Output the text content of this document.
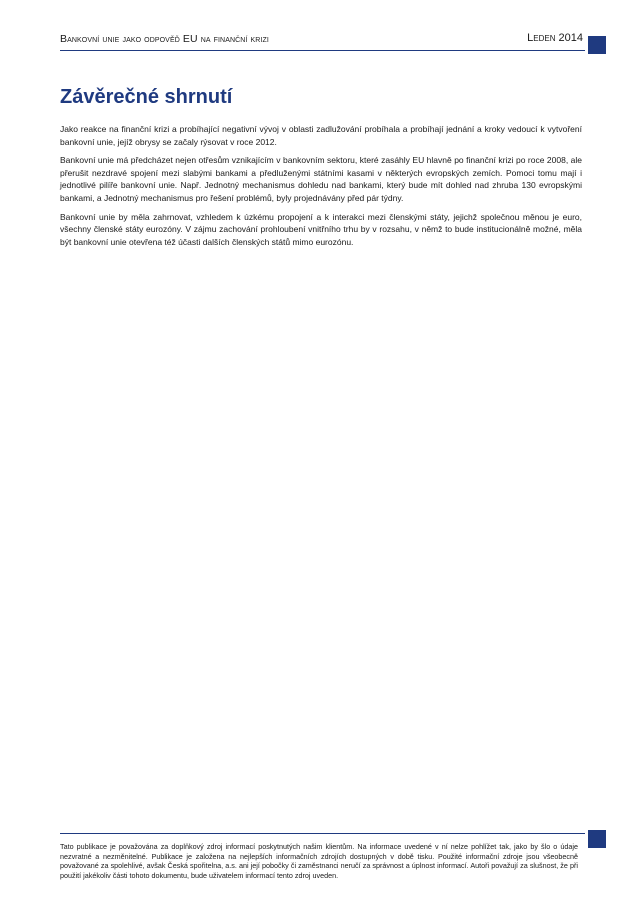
Bankovní unie jako odpověď EU na finanční krizi	Leden 2014
Závěrečné shrnutí

Jako reakce na finanční krizi a probíhající negativní vývoj v oblasti zadlužování probíhala a probíhají jednání a kroky vedoucí k vytvoření bankovní unie, jejíž obrysy se začaly rýsovat v roce 2012.

Bankovní unie má předcházet nejen otřesům vznikajícím v bankovním sektoru, které zasáhly EU hlavně po finanční krizi po roce 2008, ale přerušit nezdravé spojení mezi slabými bankami a předluženými státními kasami v některých evropských zemích. Pomoci tomu mají i jednotlivé pilíře bankovní unie. Např. Jednotný mechanismus dohledu nad bankami, který bude mít dohled nad zhruba 130 evropskými bankami, a Jednotný mechanismus pro řešení problémů, byly projednávány před pár týdny.

Bankovní unie by měla zahrnovat, vzhledem k úzkému propojení a k interakci mezi členskými státy, jejichž společnou měnou je euro, všechny členské státy eurozóny. V zájmu zachování prohloubení vnitřního trhu by v rozsahu, v němž to bude institucionálně možné, měla být bankovní unie otevřena též účasti dalších členských států mimo eurozónu.

Tato publikace je považována za doplňkový zdroj informací poskytnutých našim klientům. Na informace uvedené v ní nelze pohlížet tak, jako by šlo o údaje nezvratné a nezměnitelné. Publikace je založena na nejlepších informačních zdrojích dostupných v době tisku. Použité informační zdroje jsou všeobecně považované za spolehlivé, avšak Česká spořitelna, a.s. ani její pobočky či zaměstnanci neručí za správnost a úplnost informací. Autoři považují za slušnost, že při použití jakékoliv části tohoto dokumentu, bude uživatelem informací tento zdroj uveden.
